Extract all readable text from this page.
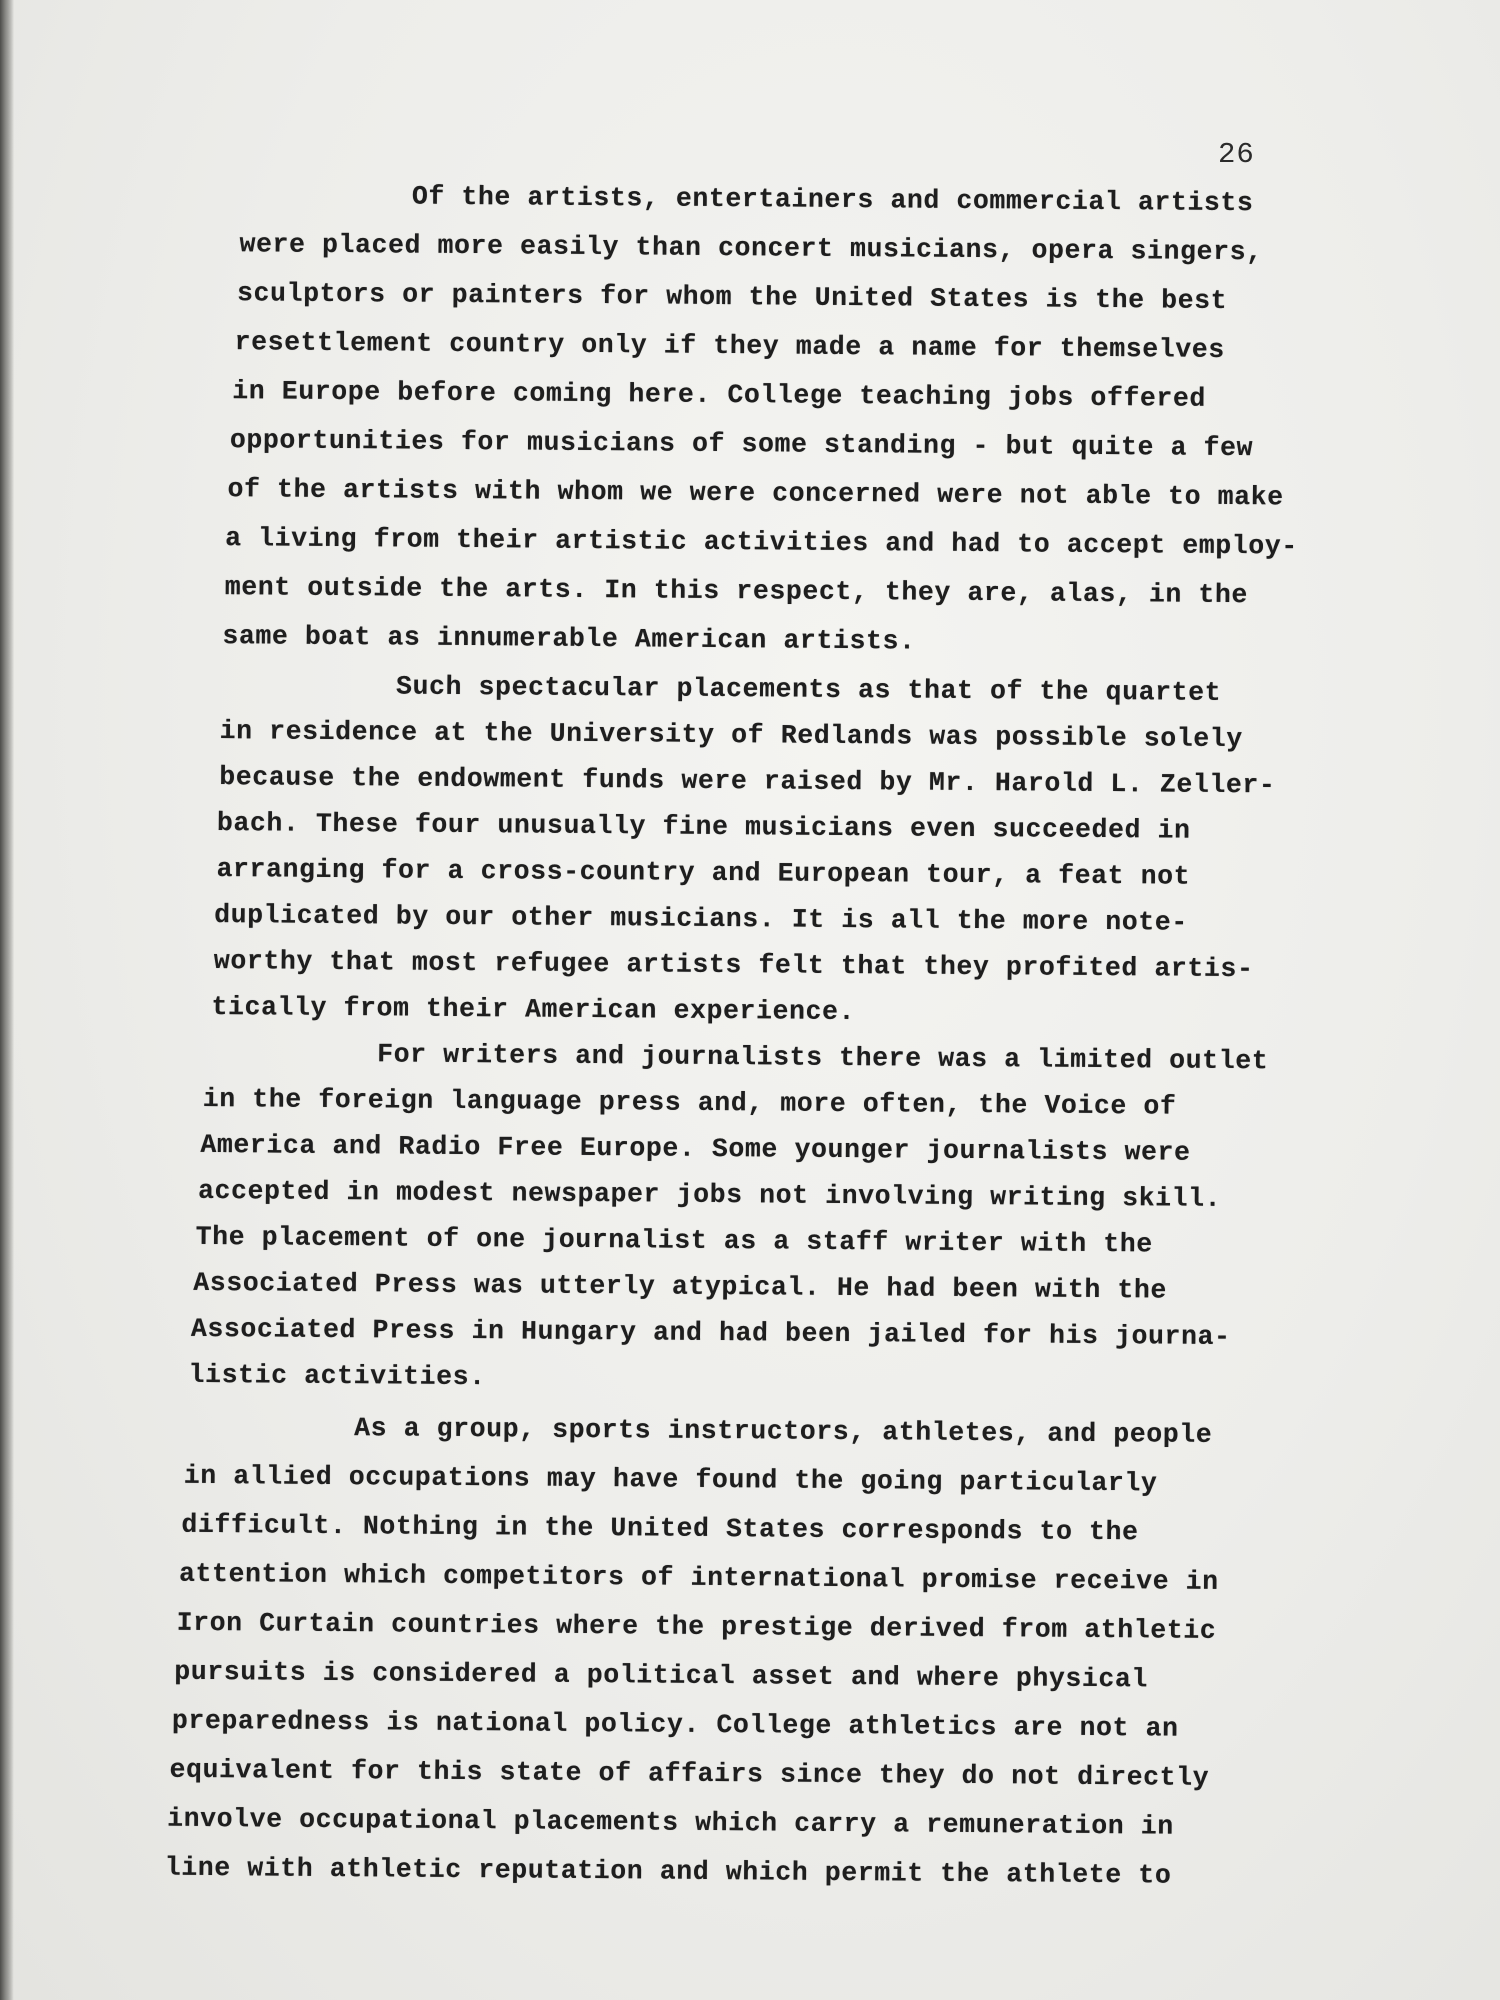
26
Of the artists, entertainers and commercial artists
were placed more easily than concert musicians, opera singers,
sculptors or painters for whom the United States is the best
resettlement country only if they made a name for themselves
in Europe before coming here. College teaching jobs offered
opportunities for musicians of some standing - but quite a few
of the artists with whom we were concerned were not able to make
a living from their artistic activities and had to accept employ-
ment outside the arts. In this respect, they are, alas, in the
same boat as innumerable American artists.
Such spectacular placements as that of the quartet
in residence at the University of Redlands was possible solely
because the endowment funds were raised by Mr. Harold L. Zeller-
bach. These four unusually fine musicians even succeeded in
arranging for a cross-country and European tour, a feat not
duplicated by our other musicians. It is all the more note-
worthy that most refugee artists felt that they profited artis-
tically from their American experience.
For writers and journalists there was a limited outlet
in the foreign language press and, more often, the Voice of
America and Radio Free Europe. Some younger journalists were
accepted in modest newspaper jobs not involving writing skill.
The placement of one journalist as a staff writer with the
Associated Press was utterly atypical. He had been with the
Associated Press in Hungary and had been jailed for his journa-
listic activities.
As a group, sports instructors, athletes, and people
in allied occupations may have found the going particularly
difficult. Nothing in the United States corresponds to the
attention which competitors of international promise receive in
Iron Curtain countries where the prestige derived from athletic
pursuits is considered a political asset and where physical
preparedness is national policy. College athletics are not an
equivalent for this state of affairs since they do not directly
involve occupational placements which carry a remuneration in
line with athletic reputation and which permit the athlete to
